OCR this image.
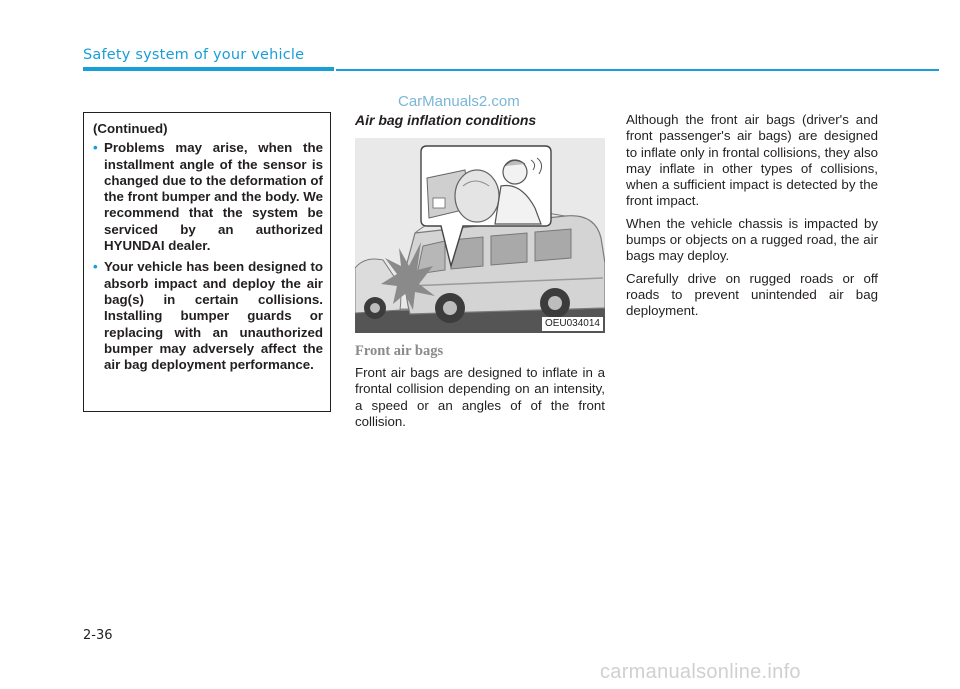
Safety system of your vehicle

CarManuals2.com

(Continued)

• Problems may arise, when the installment angle of the sensor is changed due to the deformation of the front bumper and the body. We recommend that the system be serviced by an authorized HYUNDAI dealer.
• Your vehicle has been designed to absorb impact and deploy the air bag(s) in certain collisions. Installing bumper guards or replacing with an unauthorized bumper may adversely affect the air bag deployment performance.
Air bag inflation conditions
OEU034014
Front air bags

Front air bags are designed to inflate in a frontal collision depending on an intensity, a speed or an angles of of the front collision.

Although the front air bags (driver's and front passenger's air bags) are designed to inflate only in frontal collisions, they also may inflate in other types of collisions, when a sufficient impact is detected by the front impact.

When the vehicle chassis is impacted by bumps or objects on a rugged road, the air bags may deploy.

Carefully drive on rugged roads or off roads to prevent unintended air bag deployment.

2-36

carmanualsonline.info
